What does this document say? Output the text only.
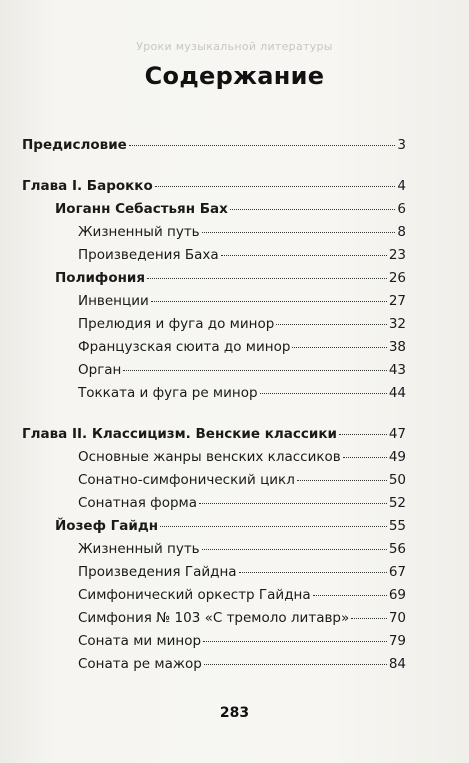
Уроки музыкальной литературы
Содержание
Предисловие	3
Глава I. Барокко	4
Иоганн Себастьян Бах	6
Жизненный путь	8
Произведения Баха	23
Полифония	26
Инвенции	27
Прелюдия и фуга до минор	32
Французская сюита до минор	38
Орган	43
Токката и фуга ре минор	44
Глава II. Классицизм. Венские классики	47
Основные жанры венских классиков	49
Сонатно-симфонический цикл	50
Сонатная форма	52
Йозеф Гайдн	55
Жизненный путь	56
Произведения Гайдна	67
Симфонический оркестр Гайдна	69
Симфония № 103 «С тремоло литавр»	70
Соната ми минор	79
Соната ре мажор	84
283
